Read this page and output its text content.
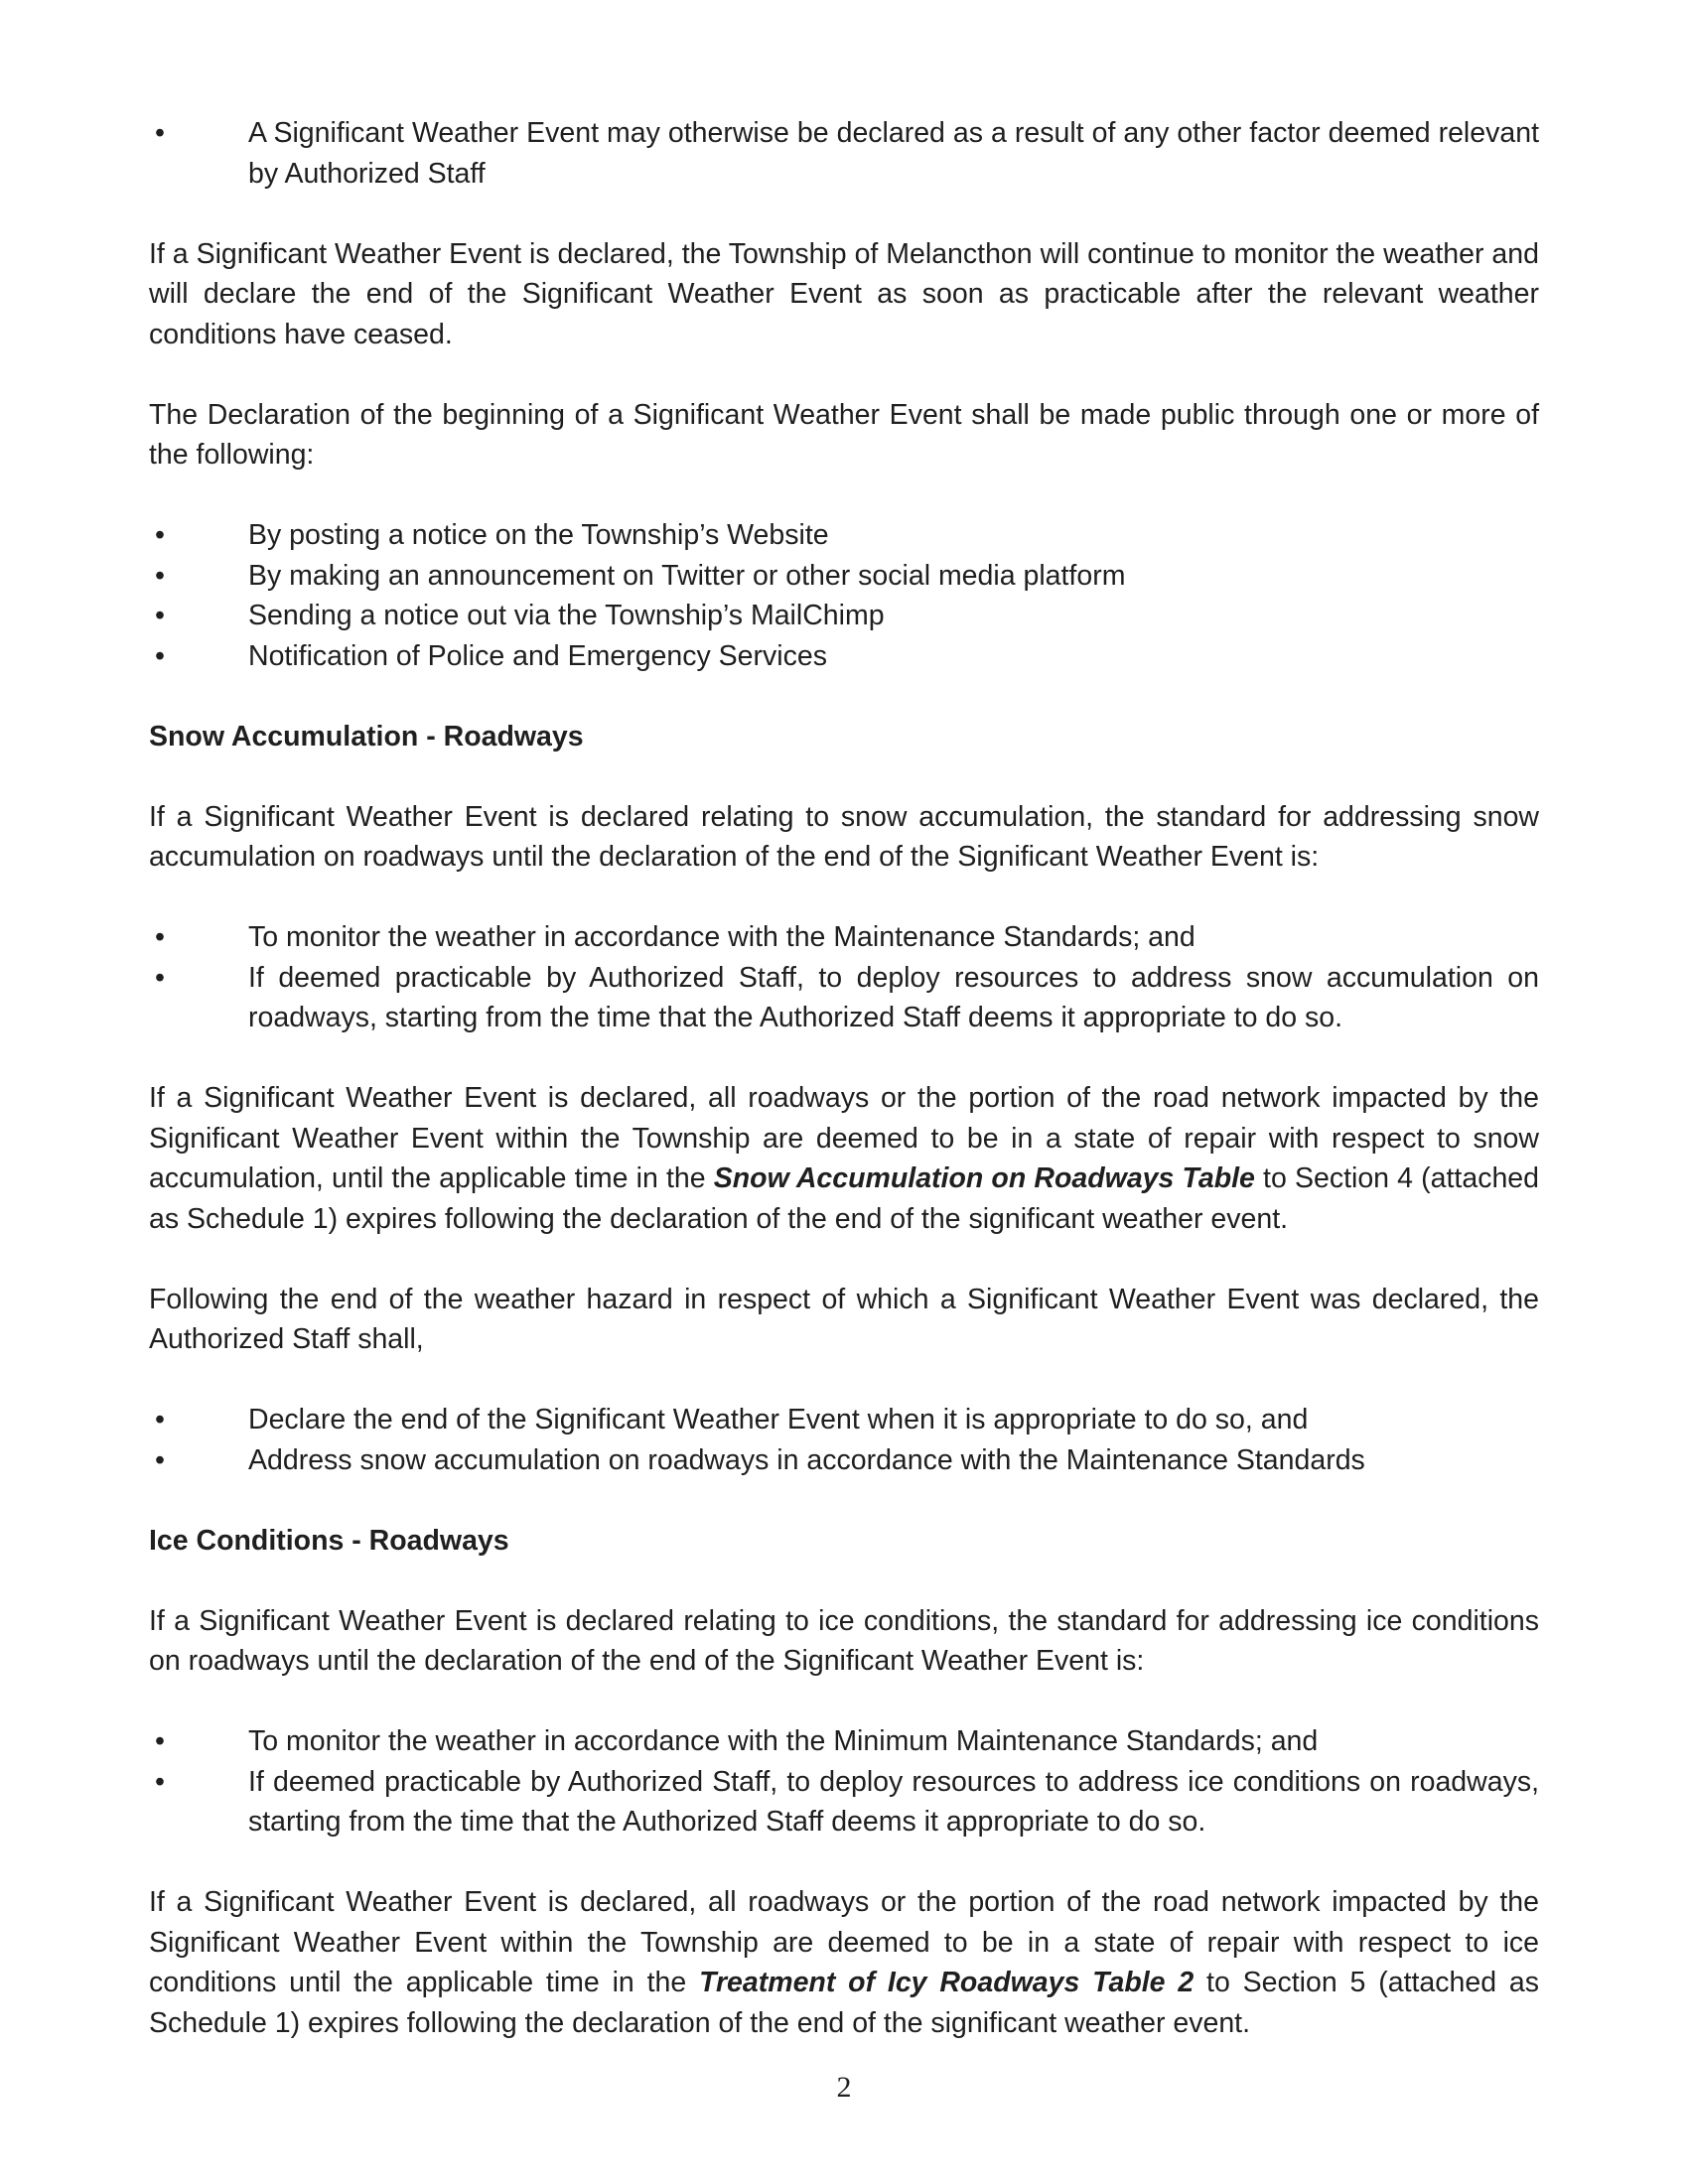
•	A Significant Weather Event may otherwise be declared as a result of any other factor deemed relevant by Authorized Staff

If a Significant Weather Event is declared, the Township of Melancthon will continue to monitor the weather and will declare the end of the Significant Weather Event as soon as practicable after the relevant weather conditions have ceased.

The Declaration of the beginning of a Significant Weather Event shall be made public through one or more of the following:

•	By posting a notice on the Township’s Website
•	By making an announcement on Twitter or other social media platform
•	Sending a notice out via the Township’s MailChimp
•	Notification of Police and Emergency Services
Snow Accumulation - Roadways

If a Significant Weather Event is declared relating to snow accumulation, the standard for addressing snow accumulation on roadways until the declaration of the end of the Significant Weather Event is:

•	To monitor the weather in accordance with the Maintenance Standards; and
•	If deemed practicable by Authorized Staff, to deploy resources to address snow accumulation on roadways, starting from the time that the Authorized Staff deems it appropriate to do so.

If a Significant Weather Event is declared, all roadways or the portion of the road network impacted by the Significant Weather Event within the Township are deemed to be in a state of repair with respect to snow accumulation, until the applicable time in the Snow Accumulation on Roadways Table to Section 4 (attached as Schedule 1) expires following the declaration of the end of the significant weather event.

Following the end of the weather hazard in respect of which a Significant Weather Event was declared, the Authorized Staff shall,

•	Declare the end of the Significant Weather Event when it is appropriate to do so, and
•	Address snow accumulation on roadways in accordance with the Maintenance Standards
Ice Conditions - Roadways

If a Significant Weather Event is declared relating to ice conditions, the standard for addressing ice conditions on roadways until the declaration of the end of the Significant Weather Event is:

•	To monitor the weather in accordance with the Minimum Maintenance Standards; and
•	If deemed practicable by Authorized Staff, to deploy resources to address ice conditions on roadways, starting from the time that the Authorized Staff deems it appropriate to do so.

If a Significant Weather Event is declared, all roadways or the portion of the road network impacted by the Significant Weather Event within the Township are deemed to be in a state of repair with respect to ice conditions until the applicable time in the Treatment of Icy Roadways Table 2 to Section 5 (attached as Schedule 1) expires following the declaration of the end of the significant weather event.

2
